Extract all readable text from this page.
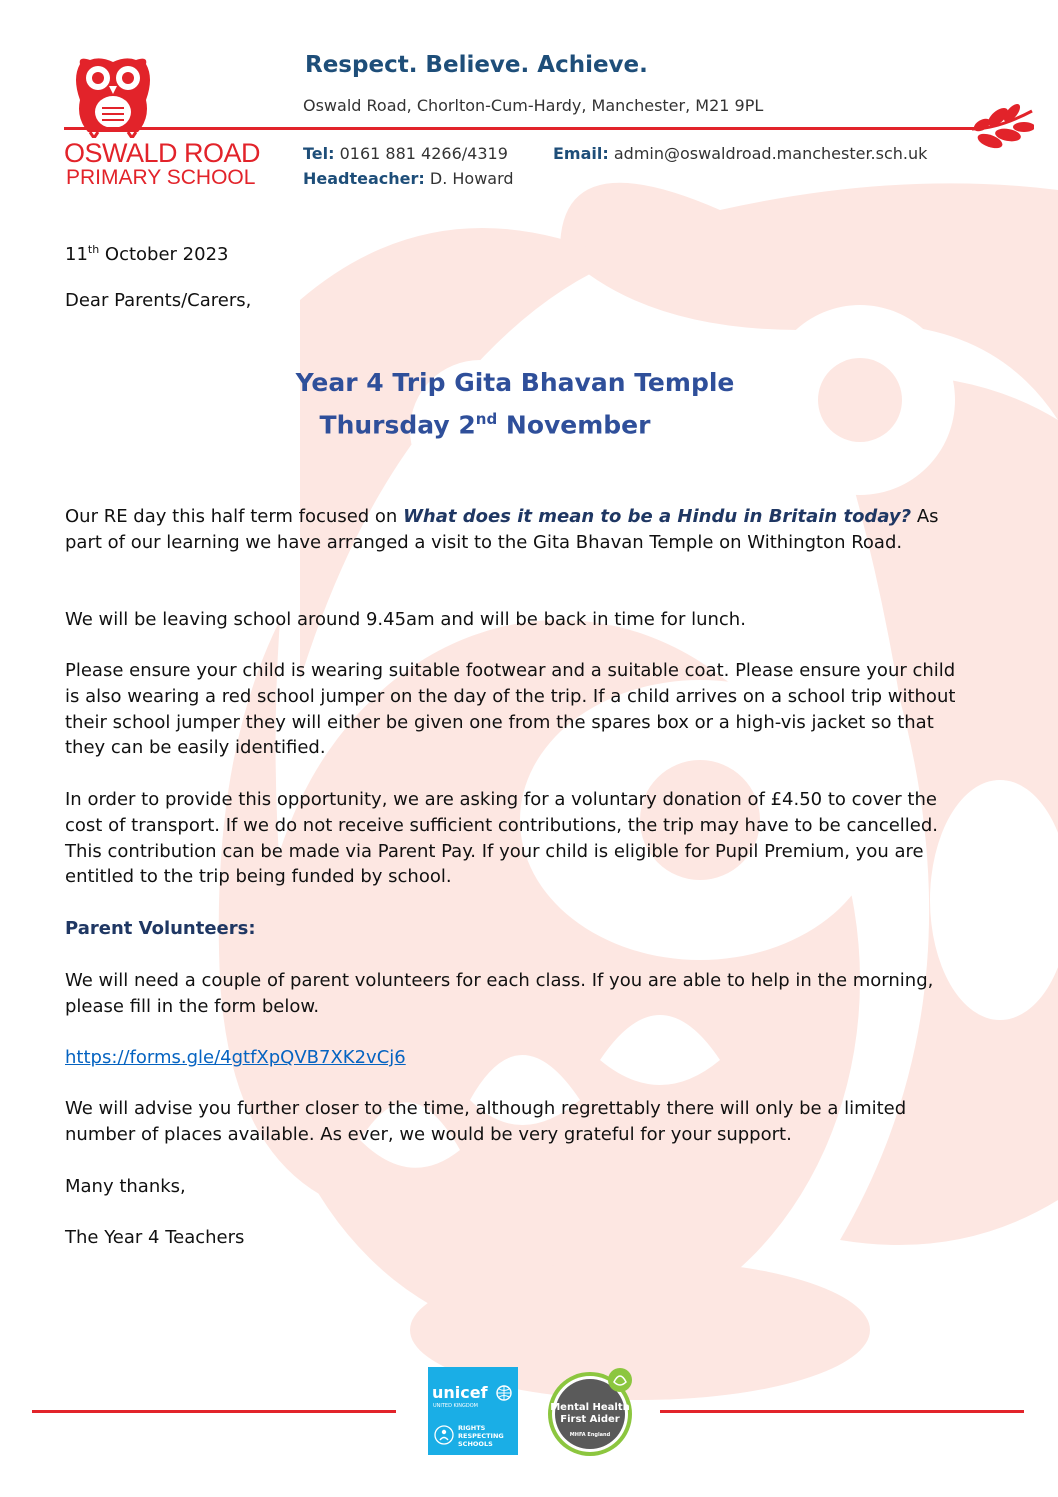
OSWALD ROAD
PRIMARY SCHOOL
Respect. Believe. Achieve.
Oswald Road, Chorlton-Cum-Hardy, Manchester, M21 9PL
Tel: 0161 881 4266/4319	Email: admin@oswaldroad.manchester.sch.uk
Headteacher: D. Howard
11th October 2023
Dear Parents/Carers,
Year 4 Trip Gita Bhavan Temple
Thursday 2nd November
Our RE day this half term focused on What does it mean to be a Hindu in Britain today? As part of our learning we have arranged a visit to the Gita Bhavan Temple on Withington Road.
We will be leaving school around 9.45am and will be back in time for lunch.
Please ensure your child is wearing suitable footwear and a suitable coat. Please ensure your child is also wearing a red school jumper on the day of the trip. If a child arrives on a school trip without their school jumper they will either be given one from the spares box or a high-vis jacket so that they can be easily identified.
In order to provide this opportunity, we are asking for a voluntary donation of £4.50 to cover the cost of transport. If we do not receive sufficient contributions, the trip may have to be cancelled. This contribution can be made via Parent Pay. If your child is eligible for Pupil Premium, you are entitled to the trip being funded by school.
Parent Volunteers:
We will need a couple of parent volunteers for each class. If you are able to help in the morning, please fill in the form below.
https://forms.gle/4gtfXpQVB7XK2vCj6
We will advise you further closer to the time, although regrettably there will only be a limited number of places available. As ever, we would be very grateful for your support.
Many thanks,
The Year 4 Teachers
unicef
UNITED KINGDOM
RIGHTS RESPECTING SCHOOLS
Mental Health
First Aider
MHFA England
